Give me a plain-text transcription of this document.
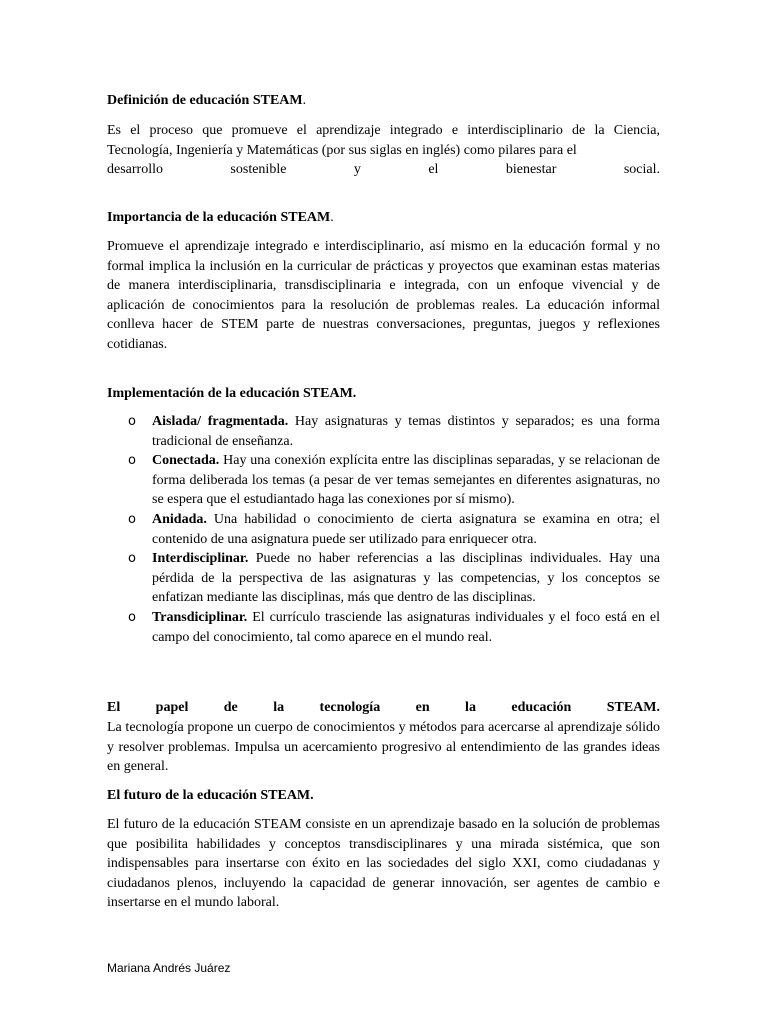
Definición de educación STEAM.
Es el proceso que promueve el aprendizaje integrado e interdisciplinario de la Ciencia, Tecnología, Ingeniería y Matemáticas (por sus siglas en inglés) como pilares para el
desarrollo sostenible y el bienestar social.
Importancia de la educación STEAM.
Promueve el aprendizaje integrado e interdisciplinario, así mismo en la educación formal y no formal implica la inclusión en la curricular de prácticas y proyectos que examinan estas materias de manera interdisciplinaria, transdisciplinaria e integrada, con un enfoque vivencial y de aplicación de conocimientos para la resolución de problemas reales. La educación informal conlleva hacer de STEM parte de nuestras conversaciones, preguntas, juegos y reflexiones cotidianas.
Implementación de la educación STEAM.
o Aislada/ fragmentada. Hay asignaturas y temas distintos y separados; es una forma tradicional de enseñanza.
o Conectada. Hay una conexión explícita entre las disciplinas separadas, y se relacionan de forma deliberada los temas (a pesar de ver temas semejantes en diferentes asignaturas, no se espera que el estudiantado haga las conexiones por sí mismo).
o Anidada. Una habilidad o conocimiento de cierta asignatura se examina en otra; el contenido de una asignatura puede ser utilizado para enriquecer otra.
o Interdisciplinar. Puede no haber referencias a las disciplinas individuales. Hay una pérdida de la perspectiva de las asignaturas y las competencias, y los conceptos se enfatizan mediante las disciplinas, más que dentro de las disciplinas.
o Transdiciplinar. El currículo trasciende las asignaturas individuales y el foco está en el campo del conocimiento, tal como aparece en el mundo real.
El papel de la tecnología en la educación STEAM.
La tecnología propone un cuerpo de conocimientos y métodos para acercarse al aprendizaje sólido y resolver problemas. Impulsa un acercamiento progresivo al entendimiento de las grandes ideas en general.
El futuro de la educación STEAM.
El futuro de la educación STEAM consiste en un aprendizaje basado en la solución de problemas que posibilita habilidades y conceptos transdisciplinares y una mirada sistémica, que son indispensables para insertarse con éxito en las sociedades del siglo XXI, como ciudadanas y ciudadanos plenos, incluyendo la capacidad de generar innovación, ser agentes de cambio e insertarse en el mundo laboral.
Mariana Andrés Juárez
